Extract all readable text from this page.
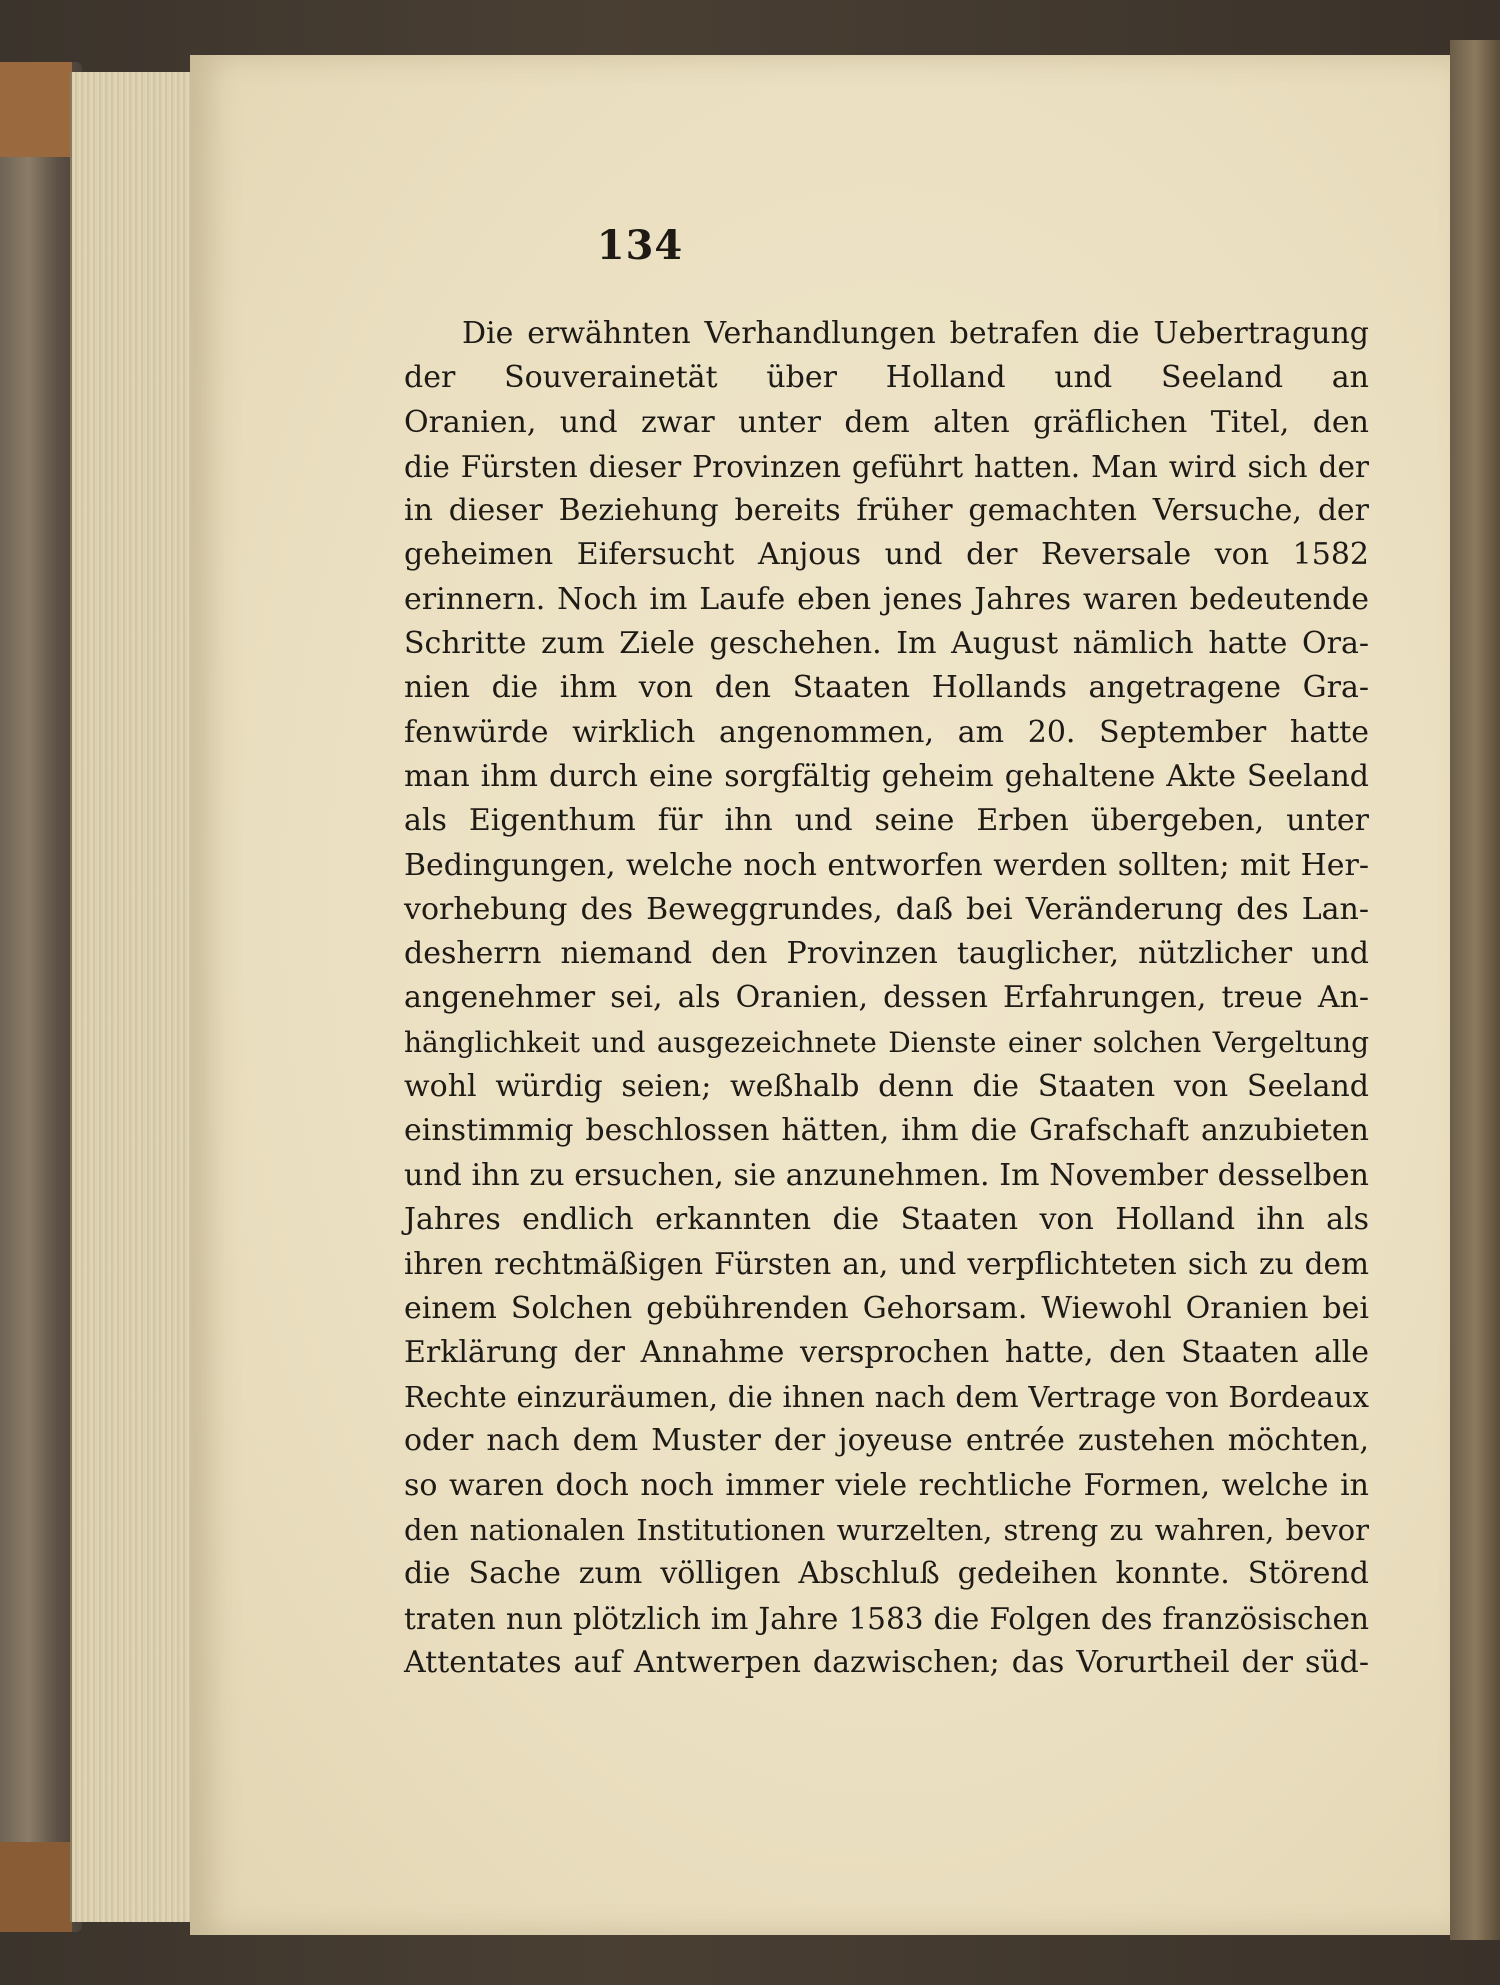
134
Die erwähnten Verhandlungen betrafen die Uebertragung
der Souverainetät über Holland und Seeland an
Oranien, und zwar unter dem alten gräflichen Titel, den
die Fürsten dieser Provinzen geführt hatten. Man wird sich der
in dieser Beziehung bereits früher gemachten Versuche, der
geheimen Eifersucht Anjous und der Reversale von 1582
erinnern. Noch im Laufe eben jenes Jahres waren bedeutende
Schritte zum Ziele geschehen. Im August nämlich hatte Ora-
nien die ihm von den Staaten Hollands angetragene Gra-
fenwürde wirklich angenommen, am 20. September hatte
man ihm durch eine sorgfältig geheim gehaltene Akte Seeland
als Eigenthum für ihn und seine Erben übergeben, unter
Bedingungen, welche noch entworfen werden sollten; mit Her-
vorhebung des Beweggrundes, daß bei Veränderung des Lan-
desherrn niemand den Provinzen tauglicher, nützlicher und
angenehmer sei, als Oranien, dessen Erfahrungen, treue An-
hänglichkeit und ausgezeichnete Dienste einer solchen Vergeltung
wohl würdig seien; weßhalb denn die Staaten von Seeland
einstimmig beschlossen hätten, ihm die Grafschaft anzubieten
und ihn zu ersuchen, sie anzunehmen. Im November desselben
Jahres endlich erkannten die Staaten von Holland ihn als
ihren rechtmäßigen Fürsten an, und verpflichteten sich zu dem
einem Solchen gebührenden Gehorsam. Wiewohl Oranien bei
Erklärung der Annahme versprochen hatte, den Staaten alle
Rechte einzuräumen, die ihnen nach dem Vertrage von Bordeaux
oder nach dem Muster der joyeuse entrée zustehen möchten,
so waren doch noch immer viele rechtliche Formen, welche in
den nationalen Institutionen wurzelten, streng zu wahren, bevor
die Sache zum völligen Abschluß gedeihen konnte. Störend
traten nun plötzlich im Jahre 1583 die Folgen des französischen
Attentates auf Antwerpen dazwischen; das Vorurtheil der süd-
